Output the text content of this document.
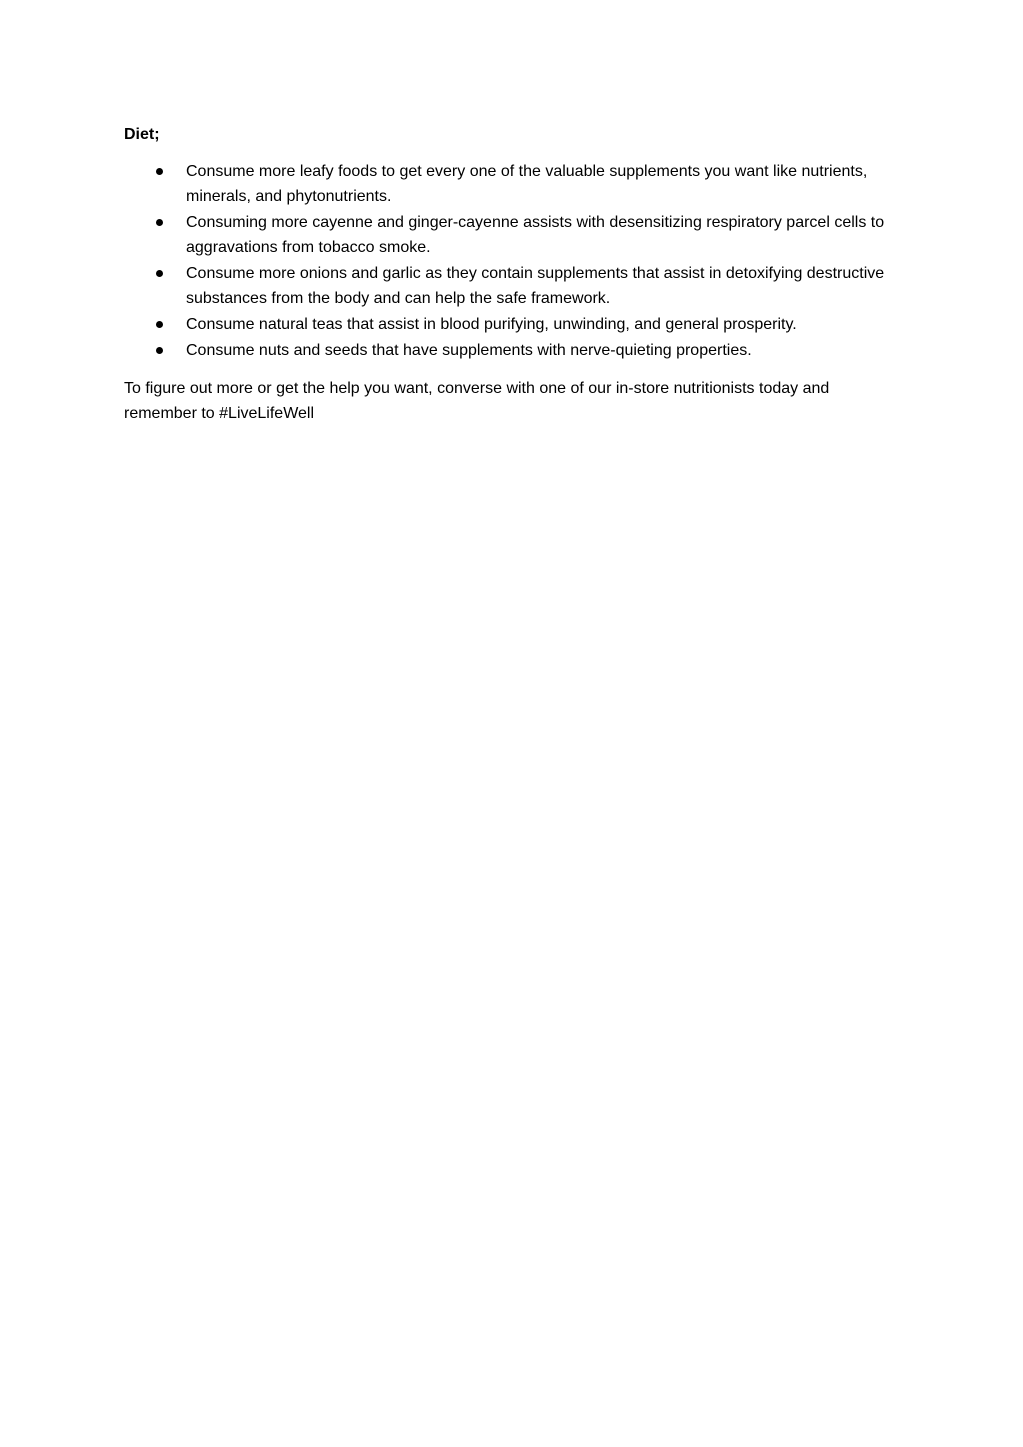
Diet;

Consume more leafy foods to get every one of the valuable supplements you want like nutrients, minerals, and phytonutrients.
Consuming more cayenne and ginger-cayenne assists with desensitizing respiratory parcel cells to aggravations from tobacco smoke.
Consume more onions and garlic as they contain supplements that assist in detoxifying destructive substances from the body and can help the safe framework.
Consume natural teas that assist in blood purifying, unwinding, and general prosperity.
Consume nuts and seeds that have supplements with nerve-quieting properties.

To figure out more or get the help you want, converse with one of our in-store nutritionists today and remember to #LiveLifeWell
